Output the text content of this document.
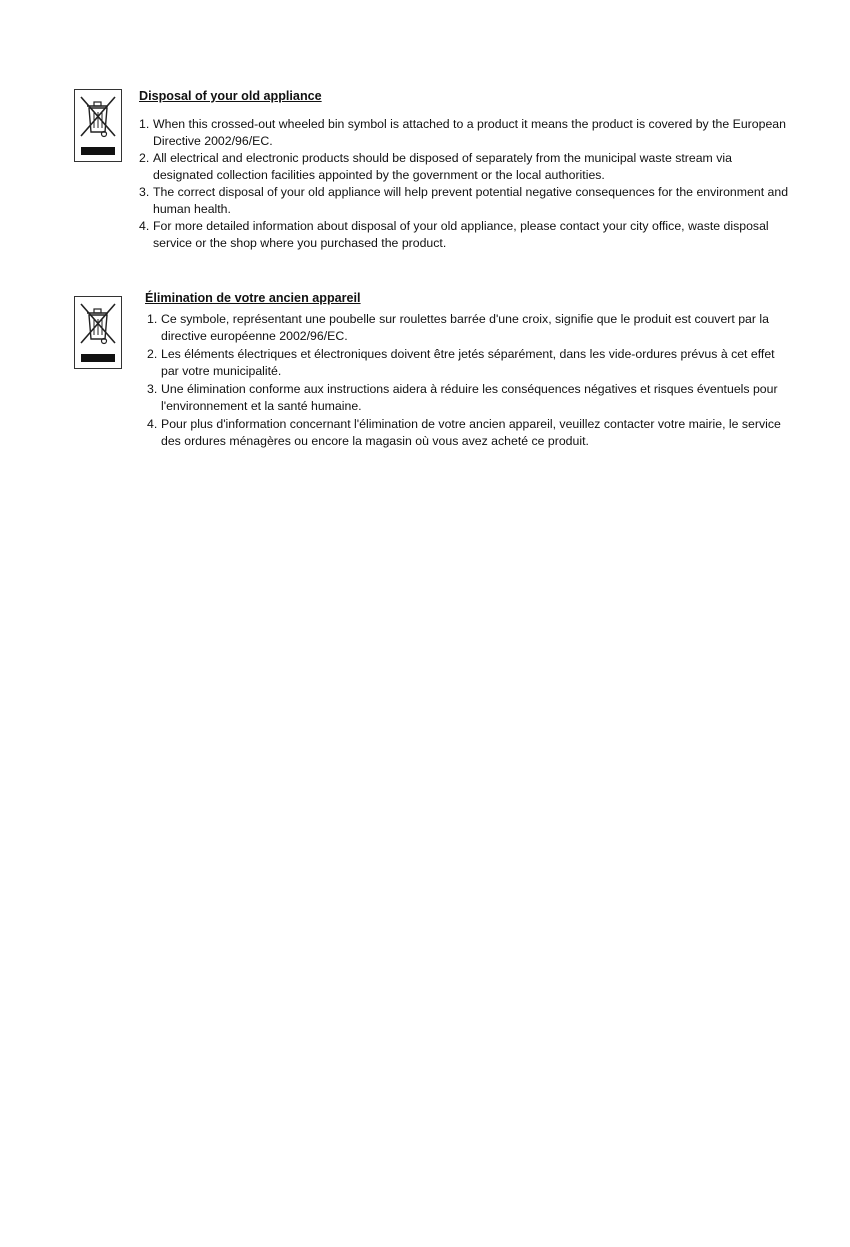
Disposal of your old appliance
1. When this crossed-out wheeled bin symbol is attached to a product it means the product is covered by the European Directive 2002/96/EC.
2. All electrical and electronic products should be disposed of separately from the municipal waste stream via designated collection facilities appointed by the government or the local authorities.
3. The correct disposal of your old appliance will help prevent potential negative consequences for the environment and human health.
4. For more detailed information about disposal of your old appliance, please contact your city office, waste disposal service or the shop where you purchased the product.
Élimination de votre ancien appareil
1. Ce symbole, représentant une poubelle sur roulettes barrée d'une croix, signifie que le produit est couvert par la directive européenne 2002/96/EC.
2. Les éléments électriques et électroniques doivent être jetés séparément, dans les vide-ordures prévus à cet effet par votre municipalité.
3. Une élimination conforme aux instructions aidera à réduire les conséquences négatives et risques éventuels pour l'environnement et la santé humaine.
4. Pour plus d'information concernant l'élimination de votre ancien appareil, veuillez contacter votre mairie, le service des ordures ménagères ou encore la magasin où vous avez acheté ce produit.
